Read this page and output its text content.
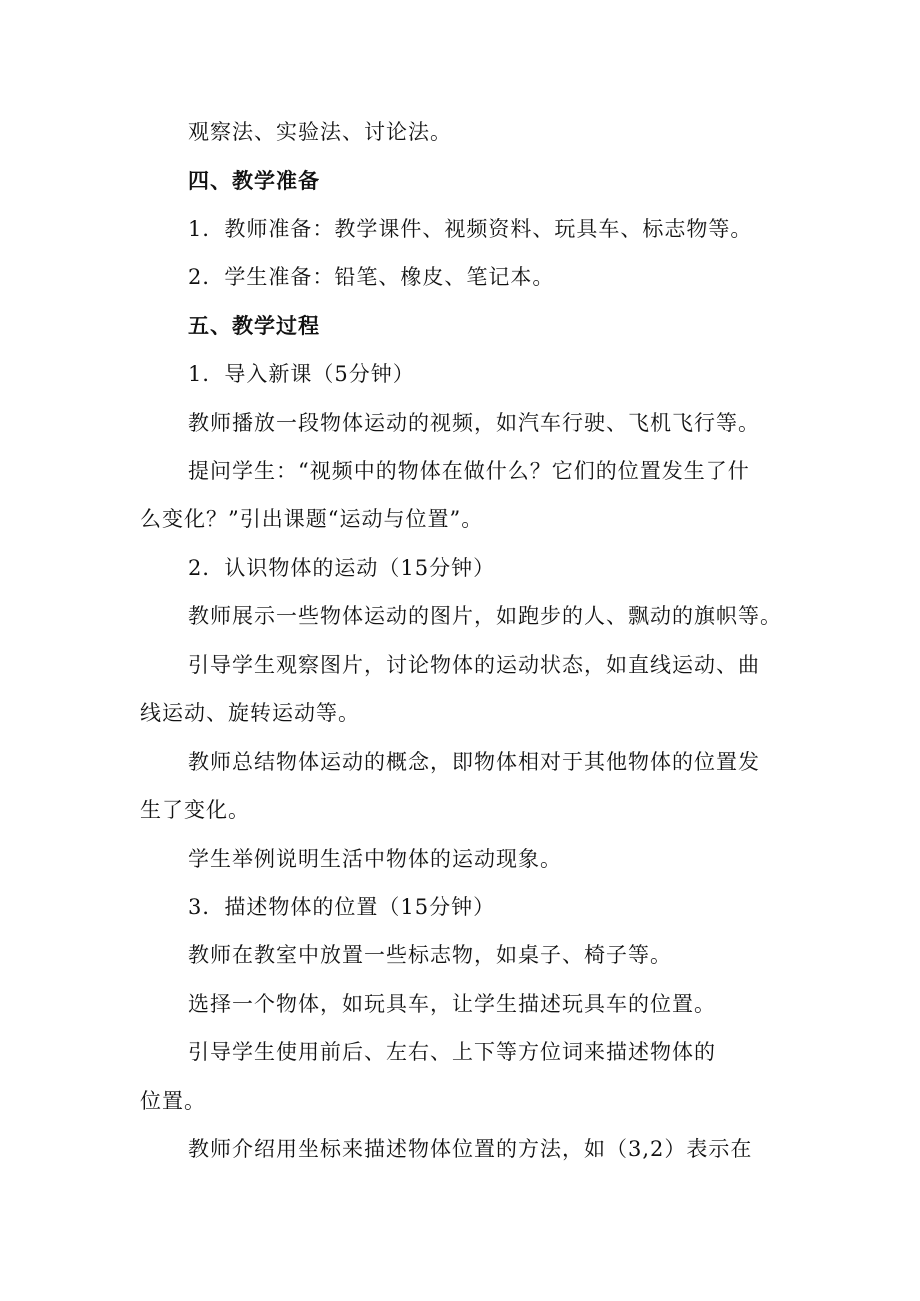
观察法、实验法、讨论法。
四、教学准备
1．教师准备：教学课件、视频资料、玩具车、标志物等。
2．学生准备：铅笔、橡皮、笔记本。
五、教学过程
1．导入新课（5分钟）
教师播放一段物体运动的视频，如汽车行驶、飞机飞行等。
提问学生：“视频中的物体在做什么？它们的位置发生了什
么变化？”引出课题“运动与位置”。
2．认识物体的运动（15分钟）
教师展示一些物体运动的图片，如跑步的人、飘动的旗帜等。
引导学生观察图片，讨论物体的运动状态，如直线运动、曲
线运动、旋转运动等。
教师总结物体运动的概念，即物体相对于其他物体的位置发
生了变化。
学生举例说明生活中物体的运动现象。
3．描述物体的位置（15分钟）
教师在教室中放置一些标志物，如桌子、椅子等。
选择一个物体，如玩具车，让学生描述玩具车的位置。
引导学生使用前后、左右、上下等方位词来描述物体的
位置。
教师介绍用坐标来描述物体位置的方法，如（3,2）表示在
